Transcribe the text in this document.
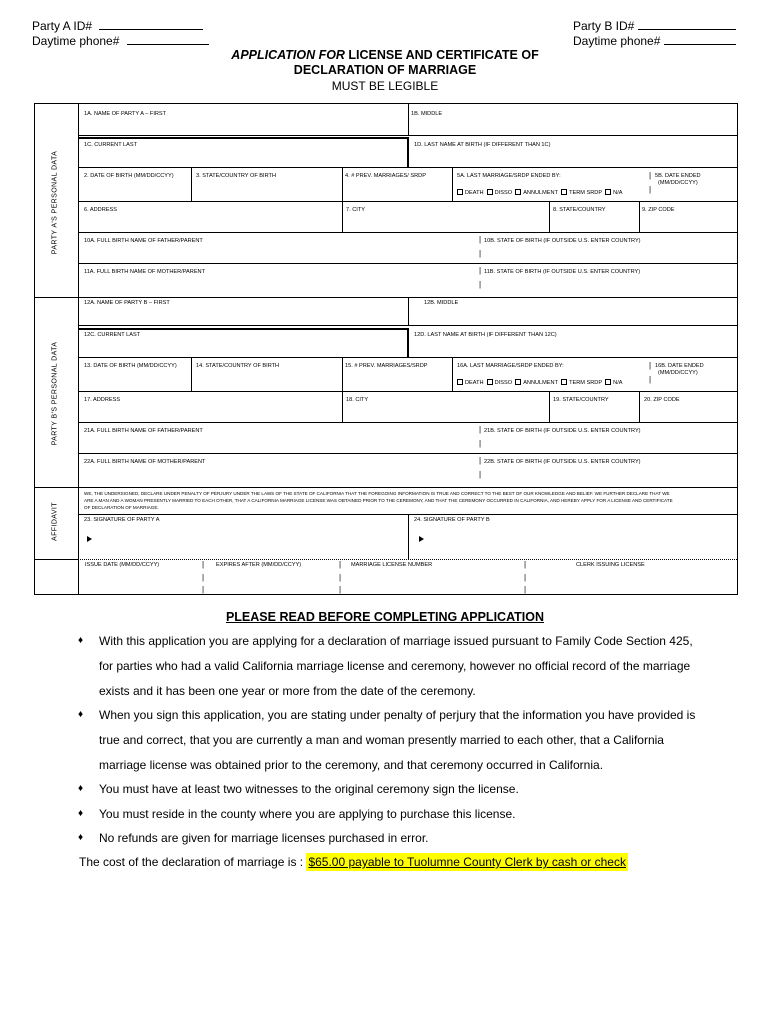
Party A ID#
Daytime phone#
Party B ID#
Daytime phone#
APPLICATION FOR LICENSE AND CERTIFICATE OF
DECLARATION OF MARRIAGE
MUST BE LEGIBLE
PARTY A'S PERSONAL DATA
PARTY B'S PERSONAL DATA
AFFIDAVIT
1A. NAME OF PARTY A – FIRST	1B. MIDDLE
1C. CURRENT LAST	1D. LAST NAME AT BIRTH (IF DIFFERENT THAN 1C)
2. DATE OF BIRTH (MM/DD/CCYY)	3. STATE/COUNTRY OF BIRTH	4. # PREV. MARRIAGES/ SRDP	5A. LAST MARRIAGE/SRDP ENDED BY:	5B. DATE ENDED
(MM/DD/CCYY)
|
|
DEATH DISSO ANNULMENT TERM SRDP N/A
6. ADDRESS	7. CITY	8. STATE/COUNTRY	9. ZIP CODE
10A. FULL BIRTH NAME OF FATHER/PARENT	10B. STATE OF BIRTH (IF OUTSIDE U.S. ENTER COUNTRY)
|
|
11A. FULL BIRTH NAME OF MOTHER/PARENT	11B. STATE OF BIRTH (IF OUTSIDE U.S. ENTER COUNTRY)
|
|
12A. NAME OF PARTY B – FIRST	12B. MIDDLE
12C. CURRENT LAST	12D. LAST NAME AT BIRTH (IF DIFFERENT THAN 12C)
13. DATE OF BIRTH (MM/DD/CCYY)	14. STATE/COUNTRY OF BIRTH	15. # PREV. MARRIAGES/SRDP	16A. LAST MARRIAGE/SRDP ENDED BY:	16B. DATE ENDED
(MM/DD/CCYY)
|
|
DEATH DISSO ANNULMENT TERM SRDP N/A
17. ADDRESS	18. CITY	19. STATE/COUNTRY	20. ZIP CODE
21A. FULL BIRTH NAME OF FATHER/PARENT	21B. STATE OF BIRTH (IF OUTSIDE U.S. ENTER COUNTRY)
|
|
22A. FULL BIRTH NAME OF MOTHER/PARENT	22B. STATE OF BIRTH (IF OUTSIDE U.S. ENTER COUNTRY)
|
|
WE, THE UNDERSIGNED, DECLARE UNDER PENALTY OF PERJURY UNDER THE LAWS OF THE STATE OF CALIFORNIA THAT THE FOREGOING INFORMATION IS TRUE AND CORRECT TO THE BEST OF OUR KNOWLEDGE AND BELIEF. WE FURTHER DECLARE THAT WE
ARE A MAN AND A WOMAN PRESENTLY MARRIED TO EACH OTHER, THAT A CALIFORNIA MARRIAGE LICENSE WAS OBTAINED PRIOR TO THE CEREMONY, AND THAT THE CEREMONY OCCURRED IN CALIFORNIA, AND HEREBY APPLY FOR A LICENSE AND CERTIFICATE
OF DECLARATION OF MARRIAGE.
23. SIGNATURE OF PARTY A	24. SIGNATURE OF PARTY B
ISSUE DATE (MM/DD/CCYY)	EXPIRES AFTER (MM/DD/CCYY)	MARRIAGE LICENSE NUMBER	CLERK ISSUING LICENSE
|
|
|
|
|
|
|
|
|
PLEASE READ BEFORE COMPLETING APPLICATION
♦ With this application you are applying for a declaration of marriage issued pursuant to Family Code Section 425,
for parties who had a valid California marriage license and ceremony, however no official record of the marriage
exists and it has been one year or more from the date of the ceremony.
♦ When you sign this application, you are stating under penalty of perjury that the information you have provided is
true and correct, that you are currently a man and woman presently married to each other, that a California
marriage license was obtained prior to the ceremony, and that ceremony occurred in California.
♦ You must have at least two witnesses to the original ceremony sign the license.
♦ You must reside in the county where you are applying to purchase this license.
♦ No refunds are given for marriage licenses purchased in error.
The cost of the declaration of marriage is : $65.00 payable to Tuolumne County Clerk by cash or check
